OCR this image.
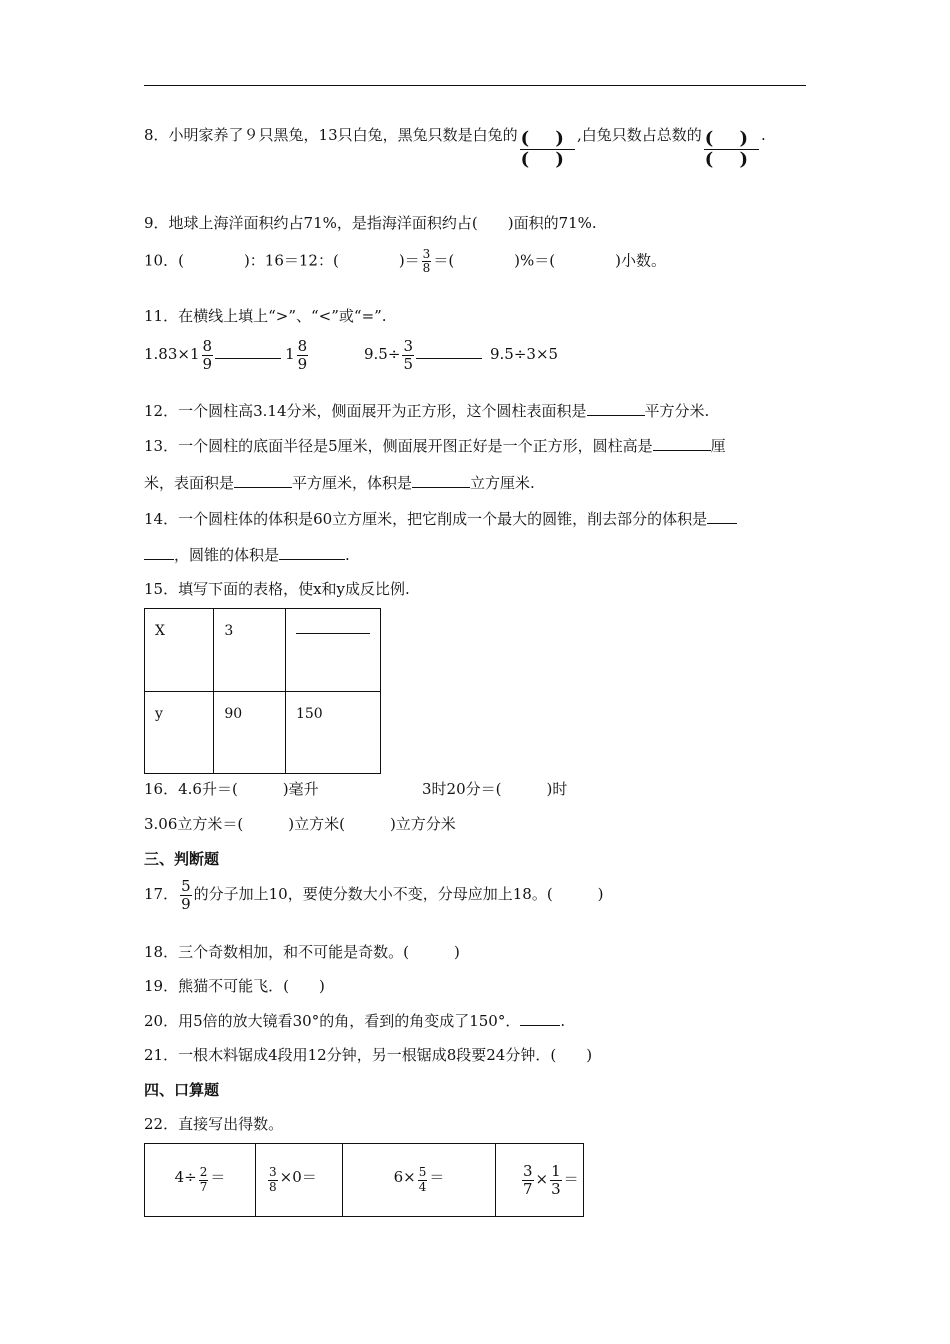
8．小明家养了９只黑兔，13只白兔，黑兔只数是白兔的 $\frac{( )}{( )}$ ,白兔只数占总数的 $\frac{( )}{( )}$ .
9．地球上海洋面积约占71%，是指海洋面积约占(　　)面积的71%.
10．(　　　　)：16＝12：(　　　　)＝ $\frac{3}{8}$ ＝(　　　　)%＝(　　　　)小数。
11．在横线上填上“>”、“<”或“=”.
$1.83\times 1 \frac{8}{9}$	$1 \frac{8}{9}$	$9.5\div \frac{3}{5}$	9.5÷3×5
12．一个圆柱高3.14分米，侧面展开为正方形，这个圆柱表面积是	平方分米.
13．一个圆柱的底面半径是5厘米，侧面展开图正好是一个正方形，圆柱高是	厘
米，表面积是	平方厘米，体积是	立方厘米.
14．一个圆柱体的体积是60立方厘米，把它削成一个最大的圆锥，削去部分的体积是
，圆锥的体积是	.
15．填写下面的表格，使x和y成反比例.
X	3	

y	90	150
16．4.6升＝(　　　)毫升	3时20分＝(　　　)时
3.06立方米＝(　　　)立方米(　　　)立方分米
三、判断题
17． $\frac{5}{9}$ 的分子加上10，要使分数大小不变，分母应加上18。(　　　)
18．三个奇数相加，和不可能是奇数。(　　　)
19．熊猫不可能飞．(　　)
20．用5倍的放大镜看30°的角，看到的角变成了150°．	.
21．一根木料锯成4段用12分钟，另一根锯成8段要24分钟．(　　)
四、口算题
22．直接写出得数。
$4\div \frac{2}{7}$ ＝	$\frac{3}{8} \times 0=$	$6\times \frac{5}{4}$ ＝	$\frac{3}{7} \times \frac{1}{3}$ ＝
